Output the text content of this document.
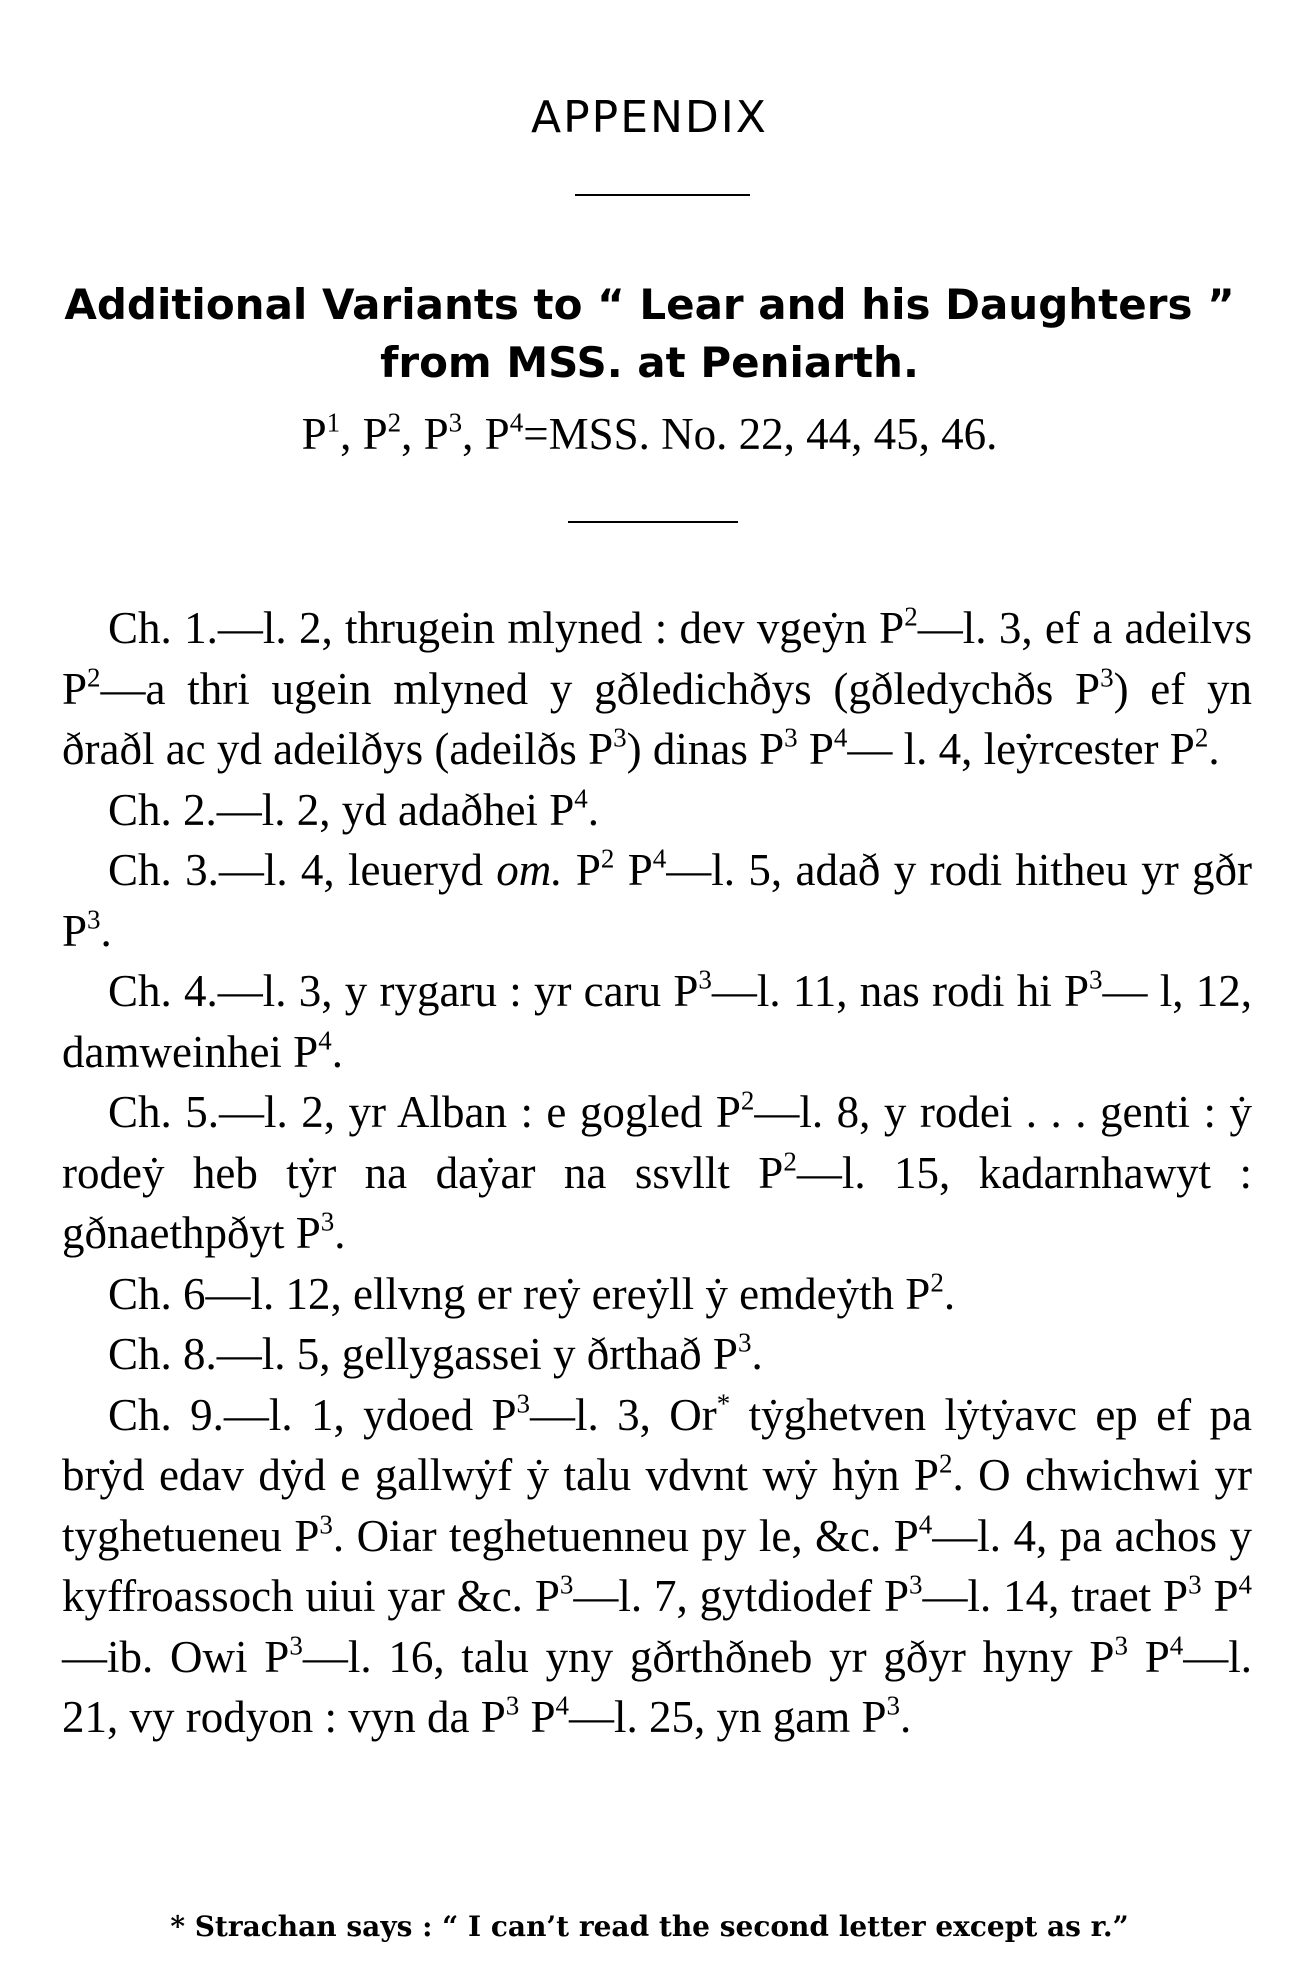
APPENDIX
Additional Variants to “ Lear and his Daughters ”
from MSS. at Peniarth.
$P^1$, $P^2$, $P^3$, $P^4=MSS$. No. 22, 44, 45, 46.

Ch. 1.—l. 2, thrugein mlyned : dev vgeẏn $P^2—l$. 3, ef a adeilvs $P^2—a$ thri ugein mlyned y gðledichðys (gðledychðs $P^3$) ef yn ðraðl ac yd adeilðys (adeilðs $P^3$) dinas $P^3$ $P^4—$ l. 4, leẏrcester $P^2$.

Ch. 2.—l. 2, yd adaðhei $P^4$.

Ch. 3.—l. 4, leueryd om. $P^2$ $P^4—l$. 5, adað y rodi hitheu yr gðr $P^3$.

Ch. 4.—l. 3, y rygaru : yr caru $P^3—l$. 11, nas rodi hi $P^3—$ l, 12, damweinhei $P^4$.

Ch. 5.—l. 2, yr Alban : e gogled $P^2—l$. 8, y rodei . . . genti : ẏ rodeẏ heb tẏr na daẏar na ssvllt $P^2—l$. 15, kadarnhawyt : gðnaethpðyt $P^3$.

Ch. 6—l. 12, ellvng er reẏ ereẏll ẏ emdeẏth $P^2$.

Ch. 8.—l. 5, gellygassei y ðrthað $P^3$.

Ch. 9.—l. 1, ydoed $P^3—l$. 3, Or* tẏghetven lẏtẏavc ep ef pa brẏd edav dẏd e gallwẏf ẏ talu vdvnt wẏ hẏn $P^2$. O chwichwi yr tyghetueneu $P^3$. Oiar teghetuenneu py le, &c. $P^4—l$. 4, pa achos y kyffroassoch uiui yar &c. $P^3—l$. 7, gytdiodef $P^3—l$. 14, traet $P^3$ $P^4—ib$. Owi $P^3—l$. 16, talu yny gðrthðneb yr gðyr hyny $P^3$ $P^4—l$. 21, vy rodyon : vyn da $P^3$ $P^4—l$. 25, yn gam $P^3$.

* Strachan says : “ I can’t read the second letter except as r.”
